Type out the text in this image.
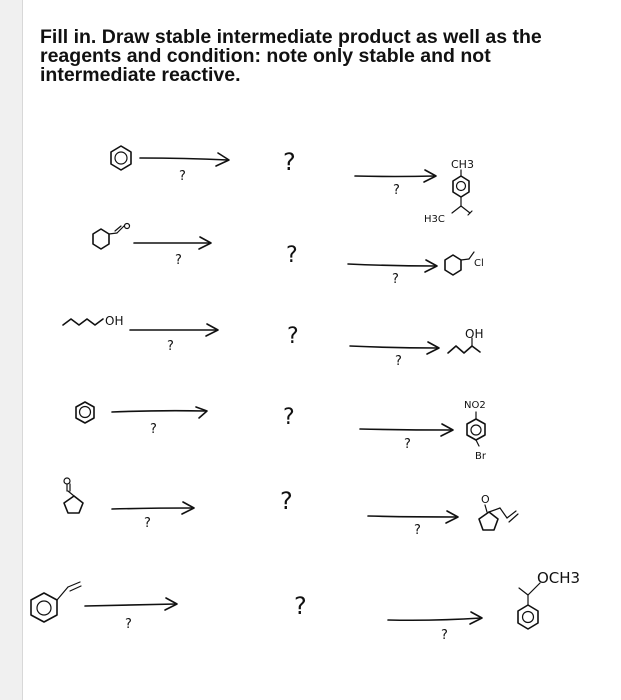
Fill in. Draw stable intermediate product as well as the
reagents and condition: note only stable and not
intermediate reactive.
?
?
?
CH3
H3C
?	?
?
Cl
OH
?	?
?
OH
?	?
?
NO2
Br
?
?
?
O
?
?
?
OCH3
